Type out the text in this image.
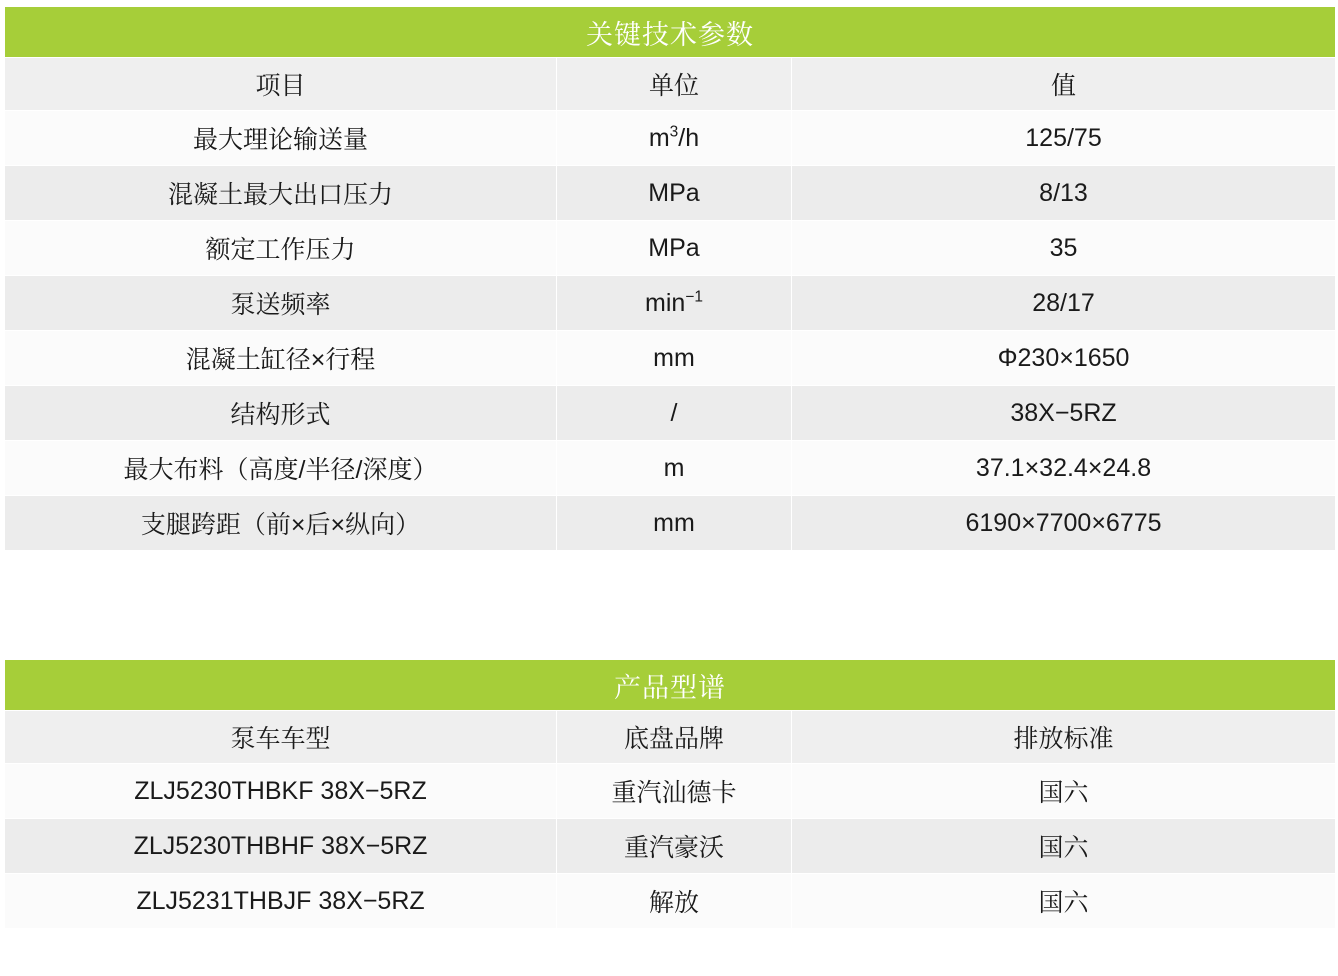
关键技术参数		
项目	单位	值
最大理论输送量	$m^3/h$	125/75
混凝土最大出口压力	MPa	8/13
额定工作压力	MPa	35
泵送频率	$\min^{-1}$	28/17
混凝土缸径×行程	mm	Φ230×1650
结构形式	/	38X−5RZ
最大布料（高度/半径/深度）	m	37.1×32.4×24.8
支腿跨距（前×后×纵向）	mm	6190×7700×6775
产品型谱		
泵车车型	底盘品牌	排放标准
ZLJ5230THBKF 38X−5RZ	重汽汕德卡	国六
ZLJ5230THBHF 38X−5RZ	重汽豪沃	国六
ZLJ5231THBJF 38X−5RZ	解放	国六
